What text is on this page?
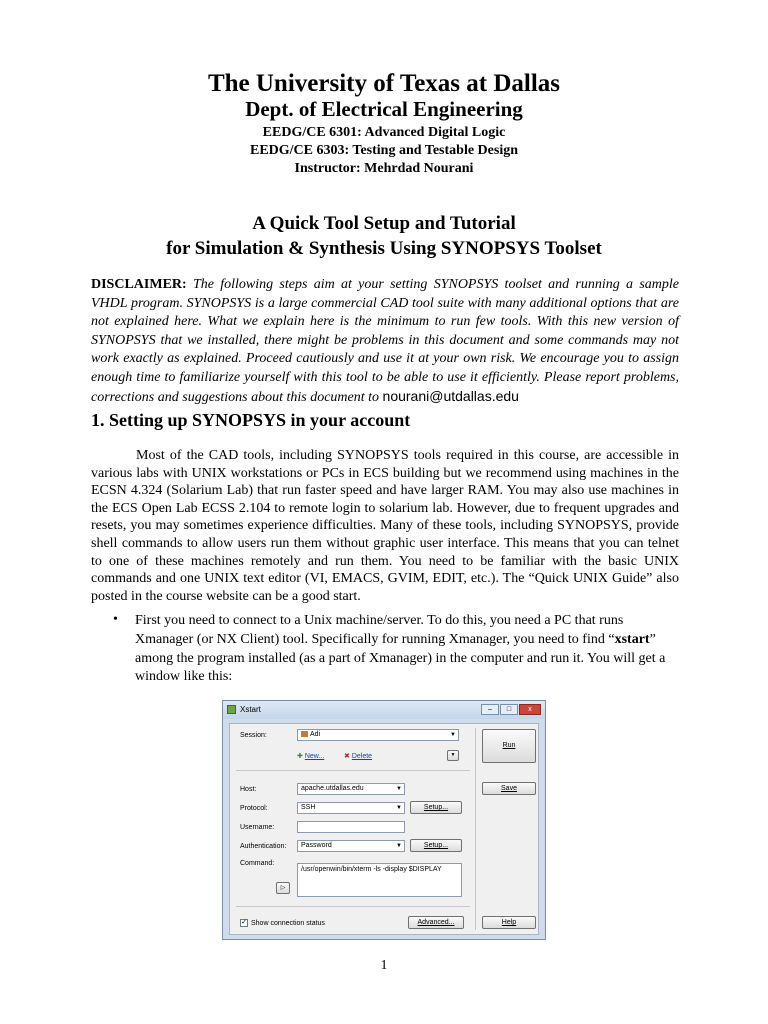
The University of Texas at Dallas
Dept. of Electrical Engineering
EEDG/CE 6301: Advanced Digital Logic
EEDG/CE 6303: Testing and Testable Design
Instructor: Mehrdad Nourani
A Quick Tool Setup and Tutorial
for Simulation & Synthesis Using SYNOPSYS Toolset
DISCLAIMER: The following steps aim at your setting SYNOPSYS toolset and running a sample VHDL program. SYNOPSYS is a large commercial CAD tool suite with many additional options that are not explained here. What we explain here is the minimum to run few tools. With this new version of SYNOPSYS that we installed, there might be problems in this document and some commands may not work exactly as explained. Proceed cautiously and use it at your own risk. We encourage you to assign enough time to familiarize yourself with this tool to be able to use it efficiently. Please report problems, corrections and suggestions about this document to nourani@utdallas.edu
1. Setting up SYNOPSYS in your account
Most of the CAD tools, including SYNOPSYS tools required in this course, are accessible in various labs with UNIX workstations or PCs in ECS building but we recommend using machines in the ECSN 4.324 (Solarium Lab) that run faster speed and have larger RAM. You may also use machines in the ECS Open Lab ECSS 2.104 to remote login to solarium lab. However, due to frequent upgrades and resets, you may sometimes experience difficulties. Many of these tools, including SYNOPSYS, provide shell commands to allow users run them without graphic user interface. This means that you can telnet to one of these machines remotely and run them. You need to be familiar with the basic UNIX commands and one UNIX text editor (VI, EMACS, GVIM, EDIT, etc.). The “Quick UNIX Guide” also posted in the course website can be a good start.
• First you need to connect to a Unix machine/server. To do this, you need a PC that runs Xmanager (or NX Client) tool. Specifically for running Xmanager, you need to find “xstart” among the program installed (as a part of Xmanager) in the computer and run it. You will get a window like this:
Xstart	–	□	x
Session:	Adi	▼
✚ New...	✖ Delete	▼
Run
Host:	apache.utdallas.edu	▼	Save
Protocol:	SSH	▼	Setup...
Username:
Authentication:	Password	▼	Setup...
Command:
/usr/openwin/bin/xterm -ls -display $DISPLAY
▷
✓ Show connection status	Advanced...	Help
1
